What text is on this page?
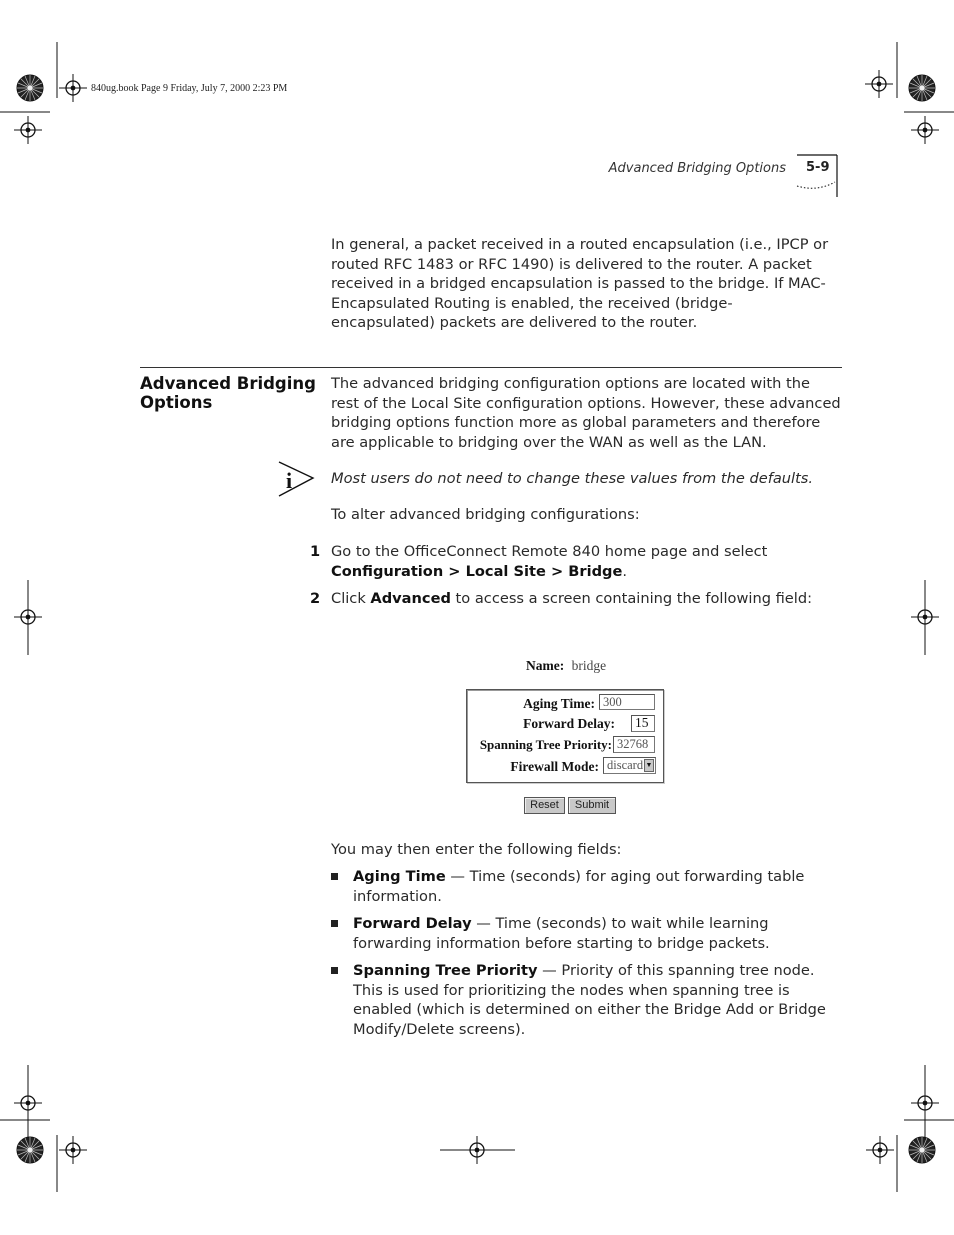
840ug.book Page 9 Friday, July 7, 2000 2:23 PM
Advanced Bridging Options 5-9
In general, a packet received in a routed encapsulation (i.e., IPCP or routed RFC 1483 or RFC 1490) is delivered to the router. A packet received in a bridged encapsulation is passed to the bridge. If MAC-Encapsulated Routing is enabled, the received (bridge-encapsulated) packets are delivered to the router.
Advanced Bridging
Options
The advanced bridging configuration options are located with the rest of the Local Site configuration options. However, these advanced bridging options function more as global parameters and therefore are applicable to bridging over the WAN as well as the LAN.
i	Most users do not need to change these values from the defaults.
To alter advanced bridging configurations:
1 Go to the OfficeConnect Remote 840 home page and select
Configuration > Local Site > Bridge.
2 Click Advanced to access a screen containing the following field:
Name: bridge
Aging Time: 300
Forward Delay: 15
Spanning Tree Priority: 32768
Firewall Mode: discard ▼
Reset	Submit
You may then enter the following fields:
Aging Time — Time (seconds) for aging out forwarding table information.
Forward Delay — Time (seconds) to wait while learning forwarding information before starting to bridge packets.
Spanning Tree Priority — Priority of this spanning tree node. This is used for prioritizing the nodes when spanning tree is enabled (which is determined on either the Bridge Add or Bridge Modify/Delete screens).
